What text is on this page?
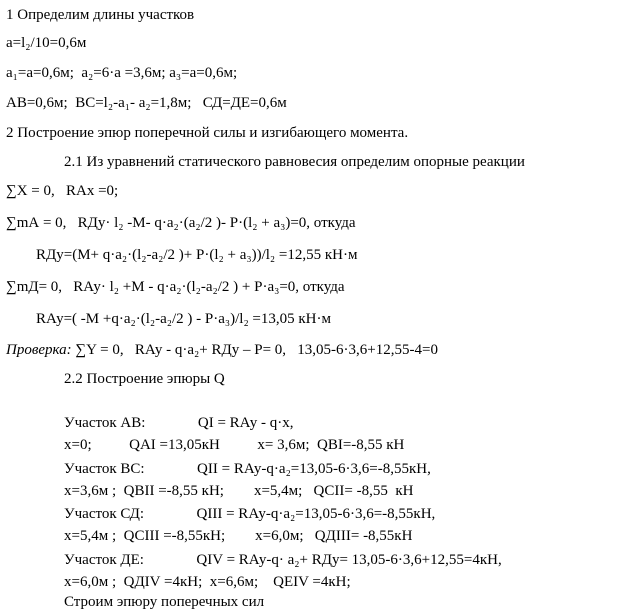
1 Определим длины участков
a=l₂/10=0,6м
a₁=a=0,6м;  a₂=6·a =3,6м; a₃=a=0,6м;
АВ=0,6м;  ВС=l₂-a₁- a₂=1,8м;   СД=ДЕ=0,6м
2 Построение эпюр поперечной силы и изгибающего момента.
2.1 Из уравнений статического равновесия определим опорные реакции
∑X = 0,   RАх =0;
∑mА = 0,   RДу· l₂ -М- q·a₂·(a₂/2 )- P·(l₂ + a₃)=0, откуда
RДу=(М+ q·a₂·(l₂-a₂/2 )+ P·(l₂ + a₃))/l₂ =12,55 кН·м
∑mД= 0,   RАу· l₂ +М - q·a₂·(l₂-a₂/2 ) + P·a₃=0, откуда
RАу=( -М +q·a₂·(l₂-a₂/2 ) - P·a₃)/l₂ =13,05 кН·м
Проверка: ∑Y = 0,   RАу - q·a₂+ RДу – P= 0,   13,05-6·3,6+12,55-4=0
2.2 Построение эпюры Q
Участок АВ:              QI = RАу - q·x,
x=0;          QАI =13,05кН          x= 3,6м;  QВI=-8,55 кН
Участок ВС:              QII = RАу-q·a₂=13,05-6·3,6=-8,55кН,
x=3,6м ;  QВII =-8,55 кН;        x=5,4м;   QСII= -8,55  кН
Участок СД:              QIII = RАу-q·a₂=13,05-6·3,6=-8,55кН,
x=5,4м ;  QСIII =-8,55кН;        x=6,0м;   QДIII= -8,55кН
Участок ДЕ:              QIV = RАу-q· a₂+ RДу= 13,05-6·3,6+12,55=4кН,
x=6,0м ;  QДIV =4кН;  x=6,6м;    QЕIV =4кН;
Строим эпюру поперечных сил
